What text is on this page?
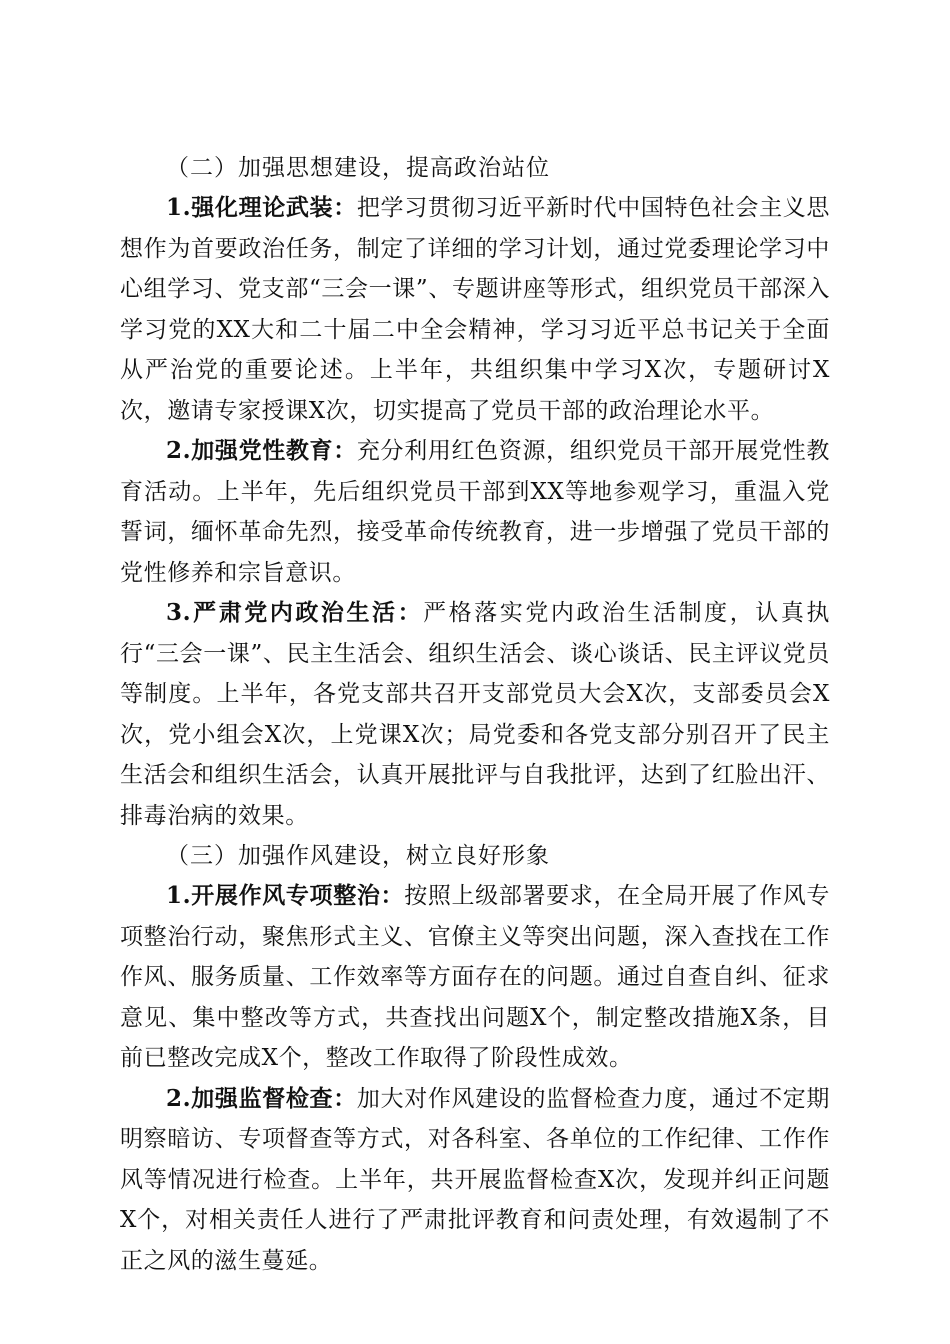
（二）加强思想建设，提高政治站位

1.强化理论武装：把学习贯彻习近平新时代中国特色社会主义思想作为首要政治任务，制定了详细的学习计划，通过党委理论学习中心组学习、党支部“三会一课”、专题讲座等形式，组织党员干部深入学习党的XX大和二十届二中全会精神，学习习近平总书记关于全面从严治党的重要论述。上半年，共组织集中学习X次，专题研讨X次，邀请专家授课X次，切实提高了党员干部的政治理论水平。

2.加强党性教育：充分利用红色资源，组织党员干部开展党性教育活动。上半年，先后组织党员干部到XX等地参观学习，重温入党誓词，缅怀革命先烈，接受革命传统教育，进一步增强了党员干部的党性修养和宗旨意识。

3.严肃党内政治生活：严格落实党内政治生活制度，认真执行“三会一课”、民主生活会、组织生活会、谈心谈话、民主评议党员等制度。上半年，各党支部共召开支部党员大会X次，支部委员会X次，党小组会X次，上党课X次；局党委和各党支部分别召开了民主生活会和组织生活会，认真开展批评与自我批评，达到了红脸出汗、排毒治病的效果。

（三）加强作风建设，树立良好形象

1.开展作风专项整治：按照上级部署要求，在全局开展了作风专项整治行动，聚焦形式主义、官僚主义等突出问题，深入查找在工作作风、服务质量、工作效率等方面存在的问题。通过自查自纠、征求意见、集中整改等方式，共查找出问题X个，制定整改措施X条，目前已整改完成X个，整改工作取得了阶段性成效。

2.加强监督检查：加大对作风建设的监督检查力度，通过不定期明察暗访、专项督查等方式，对各科室、各单位的工作纪律、工作作风等情况进行检查。上半年，共开展监督检查X次，发现并纠正问题X个，对相关责任人进行了严肃批评教育和问责处理，有效遏制了不正之风的滋生蔓延。
